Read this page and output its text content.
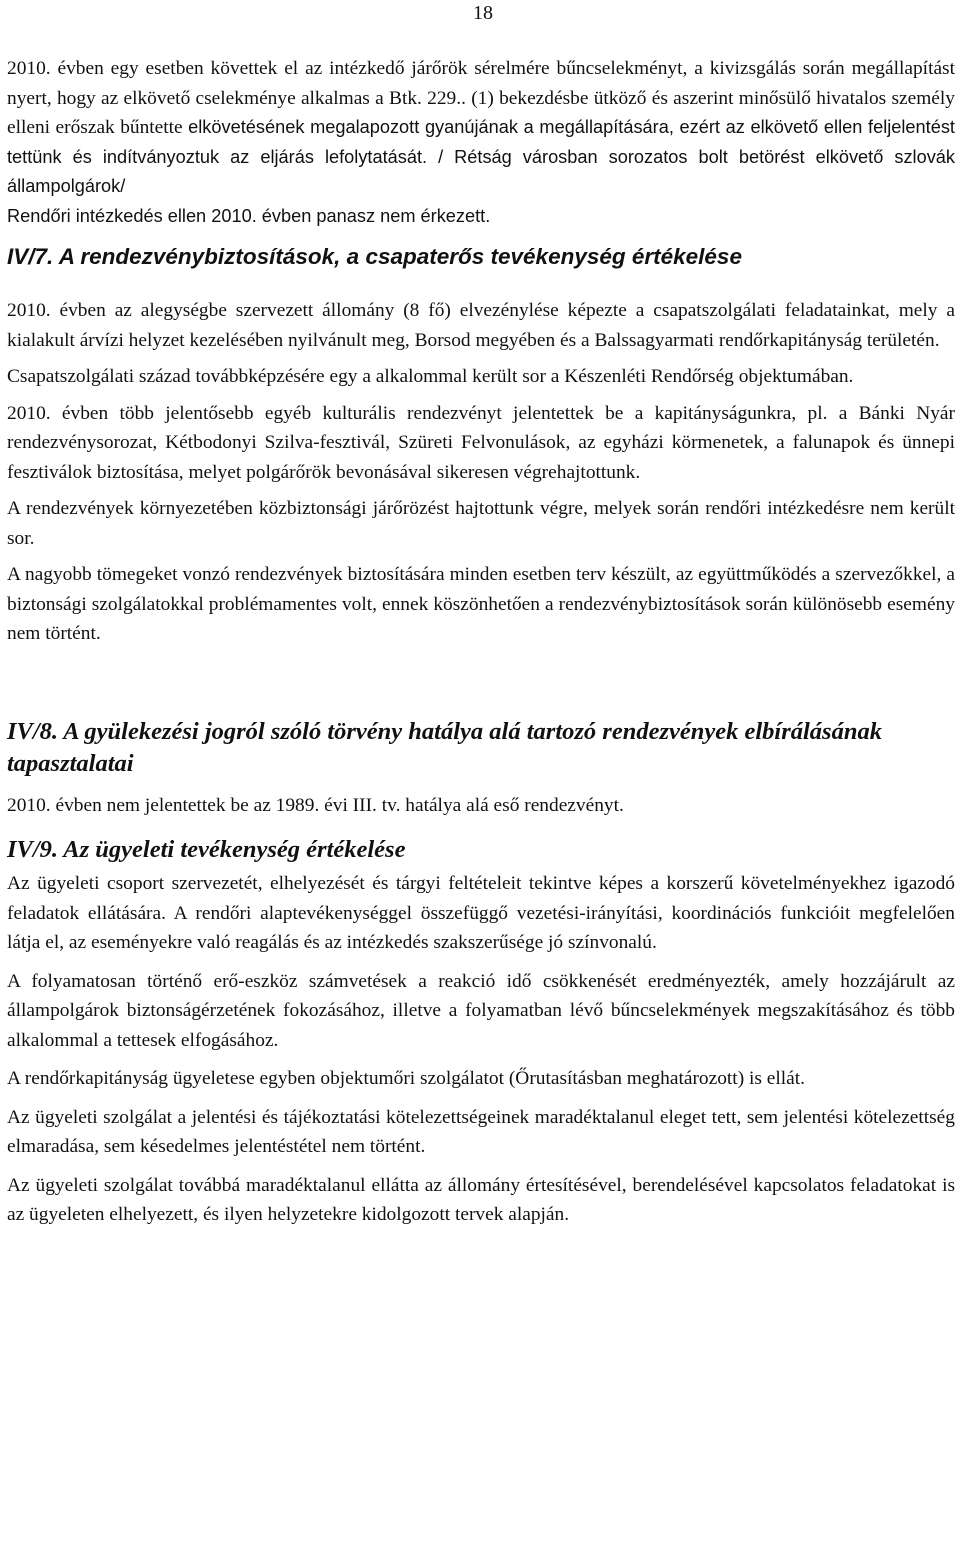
18

2010. évben egy esetben követtek el az intézkedő járőrök sérelmére bűncselekményt, a kivizsgálás során megállapítást nyert, hogy az elkövető cselekménye alkalmas a Btk. 229.. (1) bekezdésbe ütköző és aszerint minősülő hivatalos személy elleni erőszak bűntette elkövetésének megalapozott gyanújának a megállapítására, ezért az elkövető ellen feljelentést tettünk és indítványoztuk az eljárás lefolytatását. / Rétság városban sorozatos bolt betörést elkövető szlovák állampolgárok/

Rendőri intézkedés ellen 2010. évben panasz nem érkezett.

IV/7. A rendezvénybiztosítások, a csapaterős tevékenység értékelése

2010. évben az alegységbe szervezett állomány (8 fő) elvezénylése képezte a csapatszolgálati feladatainkat, mely a kialakult árvízi helyzet kezelésében nyilvánult meg, Borsod megyében és a Balssagyarmati rendőrkapitányság területén.

Csapatszolgálati század továbbképzésére egy a alkalommal került sor a Készenléti Rendőrség objektumában.

2010. évben több jelentősebb egyéb kulturális rendezvényt jelentettek be a kapitányságunkra, pl. a Bánki Nyár rendezvénysorozat, Kétbodonyi Szilva-fesztivál, Szüreti Felvonulások, az egyházi körmenetek, a falunapok és ünnepi fesztiválok biztosítása, melyet polgárőrök bevonásával sikeresen végrehajtottunk.

A rendezvények környezetében közbiztonsági járőrözést hajtottunk végre, melyek során rendőri intézkedésre nem került sor.

A nagyobb tömegeket vonzó rendezvények biztosítására minden esetben terv készült, az együttműködés a szervezőkkel, a biztonsági szolgálatokkal problémamentes volt, ennek köszönhetően a rendezvénybiztosítások során különösebb esemény nem történt.

IV/8. A gyülekezési jogról szóló törvény hatálya alá tartozó rendezvények elbírálásának tapasztalatai

2010. évben nem jelentettek be az 1989. évi III. tv. hatálya alá eső rendezvényt.

IV/9. Az ügyeleti tevékenység értékelése

Az ügyeleti csoport szervezetét, elhelyezését és tárgyi feltételeit tekintve képes a korszerű követelményekhez igazodó feladatok ellátására. A rendőri alaptevékenységgel összefüggő vezetési-irányítási, koordinációs funkcióit megfelelően látja el, az eseményekre való reagálás és az intézkedés szakszerűsége jó színvonalú.

A folyamatosan történő erő-eszköz számvetések a reakció idő csökkenését eredményezték, amely hozzájárult az állampolgárok biztonságérzetének fokozásához, illetve a folyamatban lévő bűncselekmények megszakításához és több alkalommal a tettesek elfogásához.

A rendőrkapitányság ügyeletese egyben objektumőri szolgálatot (Őrutasításban meghatározott) is ellát.

Az ügyeleti szolgálat a jelentési és tájékoztatási kötelezettségeinek maradéktalanul eleget tett, sem jelentési kötelezettség elmaradása, sem késedelmes jelentéstétel nem történt.

Az ügyeleti szolgálat továbbá maradéktalanul ellátta az állomány értesítésével, berendelésével kapcsolatos feladatokat is az ügyeleten elhelyezett, és ilyen helyzetekre kidolgozott tervek alapján.
